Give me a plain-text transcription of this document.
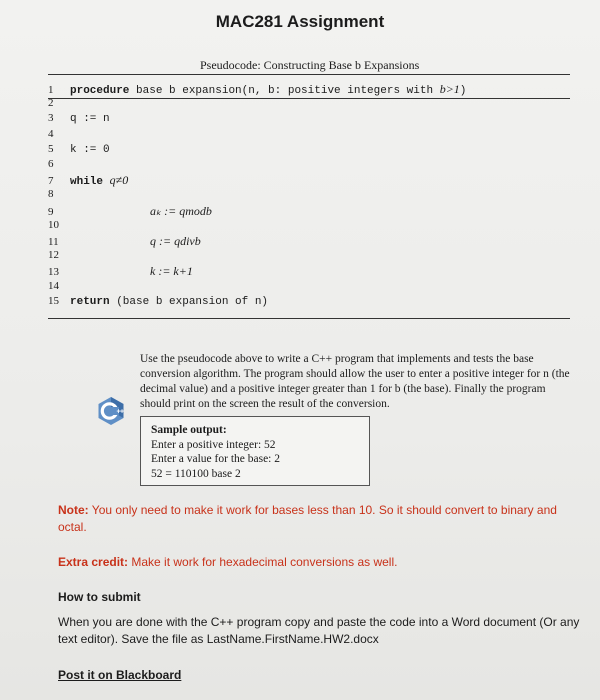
MAC281 Assignment
Pseudocode: Constructing Base b Expansions
1 procedure base b expansion(n, b: positive integers with b>1)
2
3 q := n
4
5 k := 0
6
7 while q≠0
8
9	aₖ := qmodb
10
11	q := qdivb
12
13	k := k+1
14
15 return (base b expansion of n)
Use the pseudocode above to write a C++ program that implements and tests the base conversion algorithm. The program should allow the user to enter a positive integer for n (the decimal value) and a positive integer greater than 1 for b (the base). Finally the program should print on the screen the result of the conversion.
+ +
Sample output:
Enter a positive integer: 52
Enter a value for the base: 2
52 = 110100 base 2
Note: You only need to make it work for bases less than 10. So it should convert to binary and octal.
Extra credit: Make it work for hexadecimal conversions as well.
How to submit
When you are done with the C++ program copy and paste the code into a Word document (Or any text editor). Save the file as LastName.FirstName.HW2.docx
Post it on Blackboard
